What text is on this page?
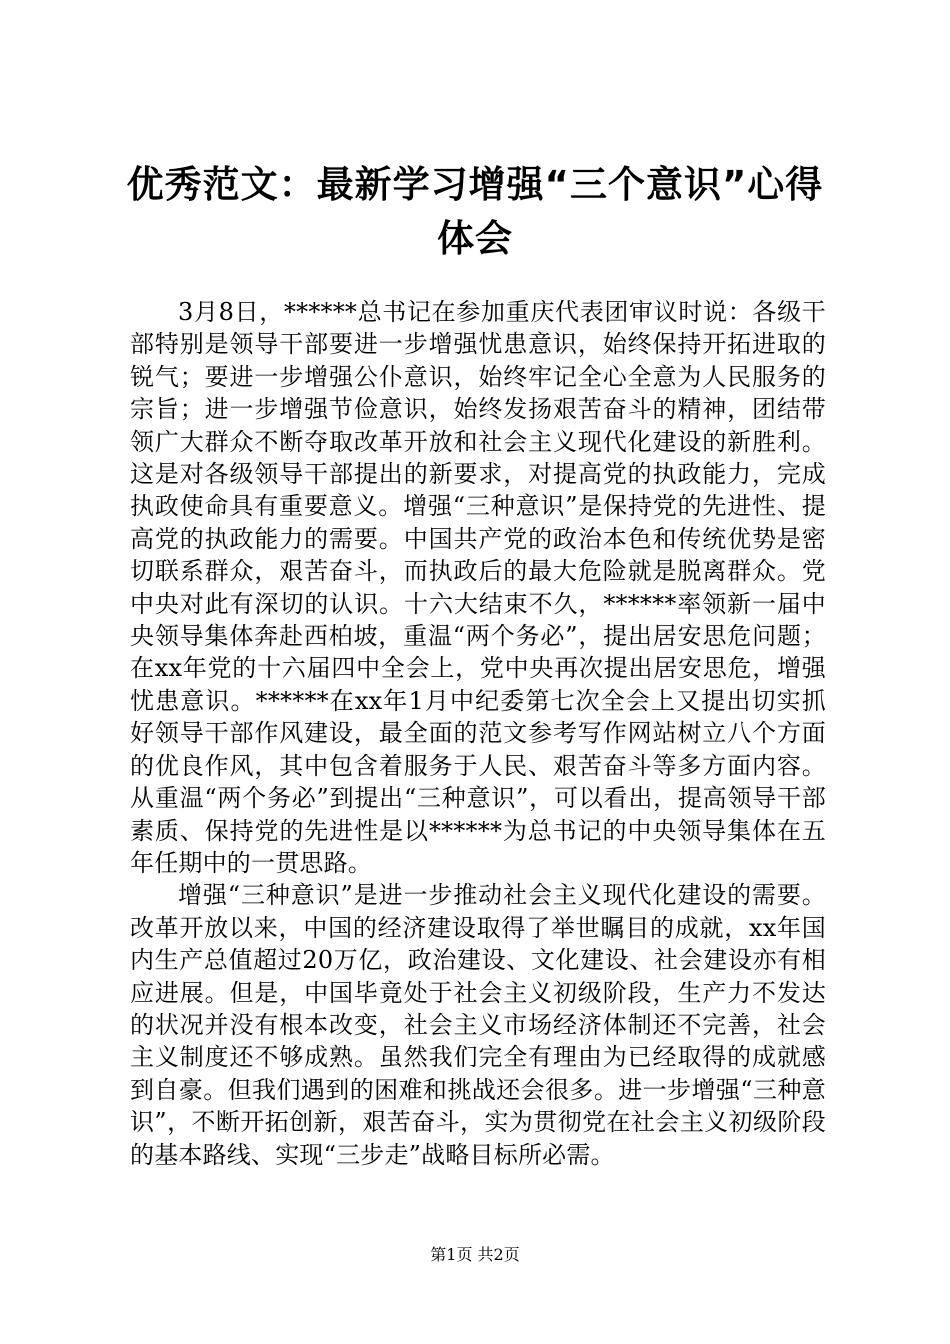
优秀范文：最新学习增强“三个意识”心得体会

3月8日，******总书记在参加重庆代表团审议时说：各级干部特别是领导干部要进一步增强忧患意识，始终保持开拓进取的锐气；要进一步增强公仆意识，始终牢记全心全意为人民服务的宗旨；进一步增强节俭意识，始终发扬艰苦奋斗的精神，团结带领广大群众不断夺取改革开放和社会主义现代化建设的新胜利。这是对各级领导干部提出的新要求，对提高党的执政能力，完成执政使命具有重要意义。增强“三种意识”是保持党的先进性、提高党的执政能力的需要。中国共产党的政治本色和传统优势是密切联系群众，艰苦奋斗，而执政后的最大危险就是脱离群众。党中央对此有深切的认识。十六大结束不久，******率领新一届中央领导集体奔赴西柏坡，重温“两个务必”，提出居安思危问题；在xx年党的十六届四中全会上，党中央再次提出居安思危，增强忧患意识。******在xx年1月中纪委第七次全会上又提出切实抓好领导干部作风建设，最全面的范文参考写作网站树立八个方面的优良作风，其中包含着服务于人民、艰苦奋斗等多方面内容。从重温“两个务必”到提出“三种意识”，可以看出，提高领导干部素质、保持党的先进性是以******为总书记的中央领导集体在五年任期中的一贯思路。

增强“三种意识”是进一步推动社会主义现代化建设的需要。改革开放以来，中国的经济建设取得了举世瞩目的成就，xx年国内生产总值超过20万亿，政治建设、文化建设、社会建设亦有相应进展。但是，中国毕竟处于社会主义初级阶段，生产力不发达的状况并没有根本改变，社会主义市场经济体制还不完善，社会主义制度还不够成熟。虽然我们完全有理由为已经取得的成就感到自豪。但我们遇到的困难和挑战还会很多。进一步增强“三种意识”，不断开拓创新，艰苦奋斗，实为贯彻党在社会主义初级阶段的基本路线、实现“三步走”战略目标所必需。

第1页 共2页
